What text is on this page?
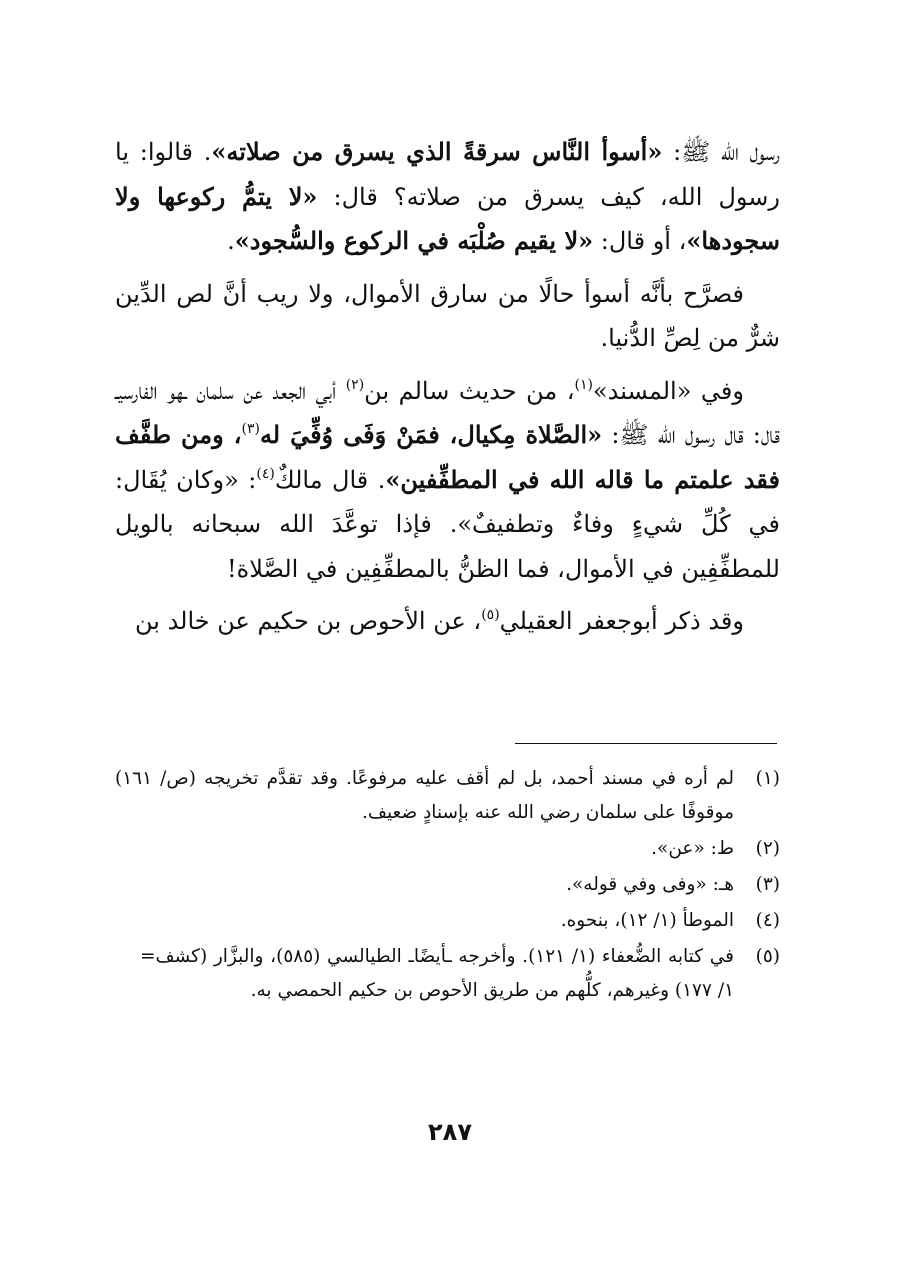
رسول الله ﷺ: «أسوأ النَّاس سرقةً الذي يسرق من صلاته». قالوا: يا رسول الله، كيف يسرق من صلاته؟ قال: «لا يتمُّ ركوعها ولا سجودها»، أو قال: «لا يقيم صُلْبَه في الركوع والسُّجود».

فصرَّح بأنَّه أسوأ حالًا من سارق الأموال، ولا ريب أنَّ لص الدِّين شرٌّ من لِصِّ الدُّنيا.

وفي «المسند»$^{(١)}$، من حديث سالم بن$^{(٢)}$ أبي الجعد عن سلمان ـهو الفارسيـ قال: قال رسول الله ﷺ: «الصَّلاة مِكيال، فمَنْ وَفَى وُفِّيَ له$^{(٣)}$، ومن طفَّف فقد علمتم ما قاله الله في المطفِّفين». قال مالكٌ$^{(٤)}$: «وكان يُقَال: في كُلِّ شيءٍ وفاءٌ وتطفيفٌ». فإذا توعَّدَ الله سبحانه بالويل للمطفِّفِين في الأموال، فما الظنُّ بالمطفِّفِين في الصَّلاة!

وقد ذكر أبوجعفر العقيلي$^{(٥)}$، عن الأحوص بن حكيم عن خالد بن

(١)
لم أره في مسند أحمد، بل لم أقف عليه مرفوعًا. وقد تقدَّم تخريجه (ص/ ١٦١) موقوفًا على سلمان رضي الله عنه بإسنادٍ ضعيف.
(٢)
ط: «عن».
(٣)
هـ: «وفى وفي قوله».
(٤)
الموطأ (١/ ١٢)، بنحوه.
(٥)
في كتابه الضُّعفاء (١/ ١٢١). وأخرجه ـأيضًاـ الطيالسي (٥٨٥)، والبزَّار (كشف ١/ ١٧٧) وغيرهم، كلُّهم من طريق الأحوص بن حكيم الحمصي به.
=
٢٨٧
